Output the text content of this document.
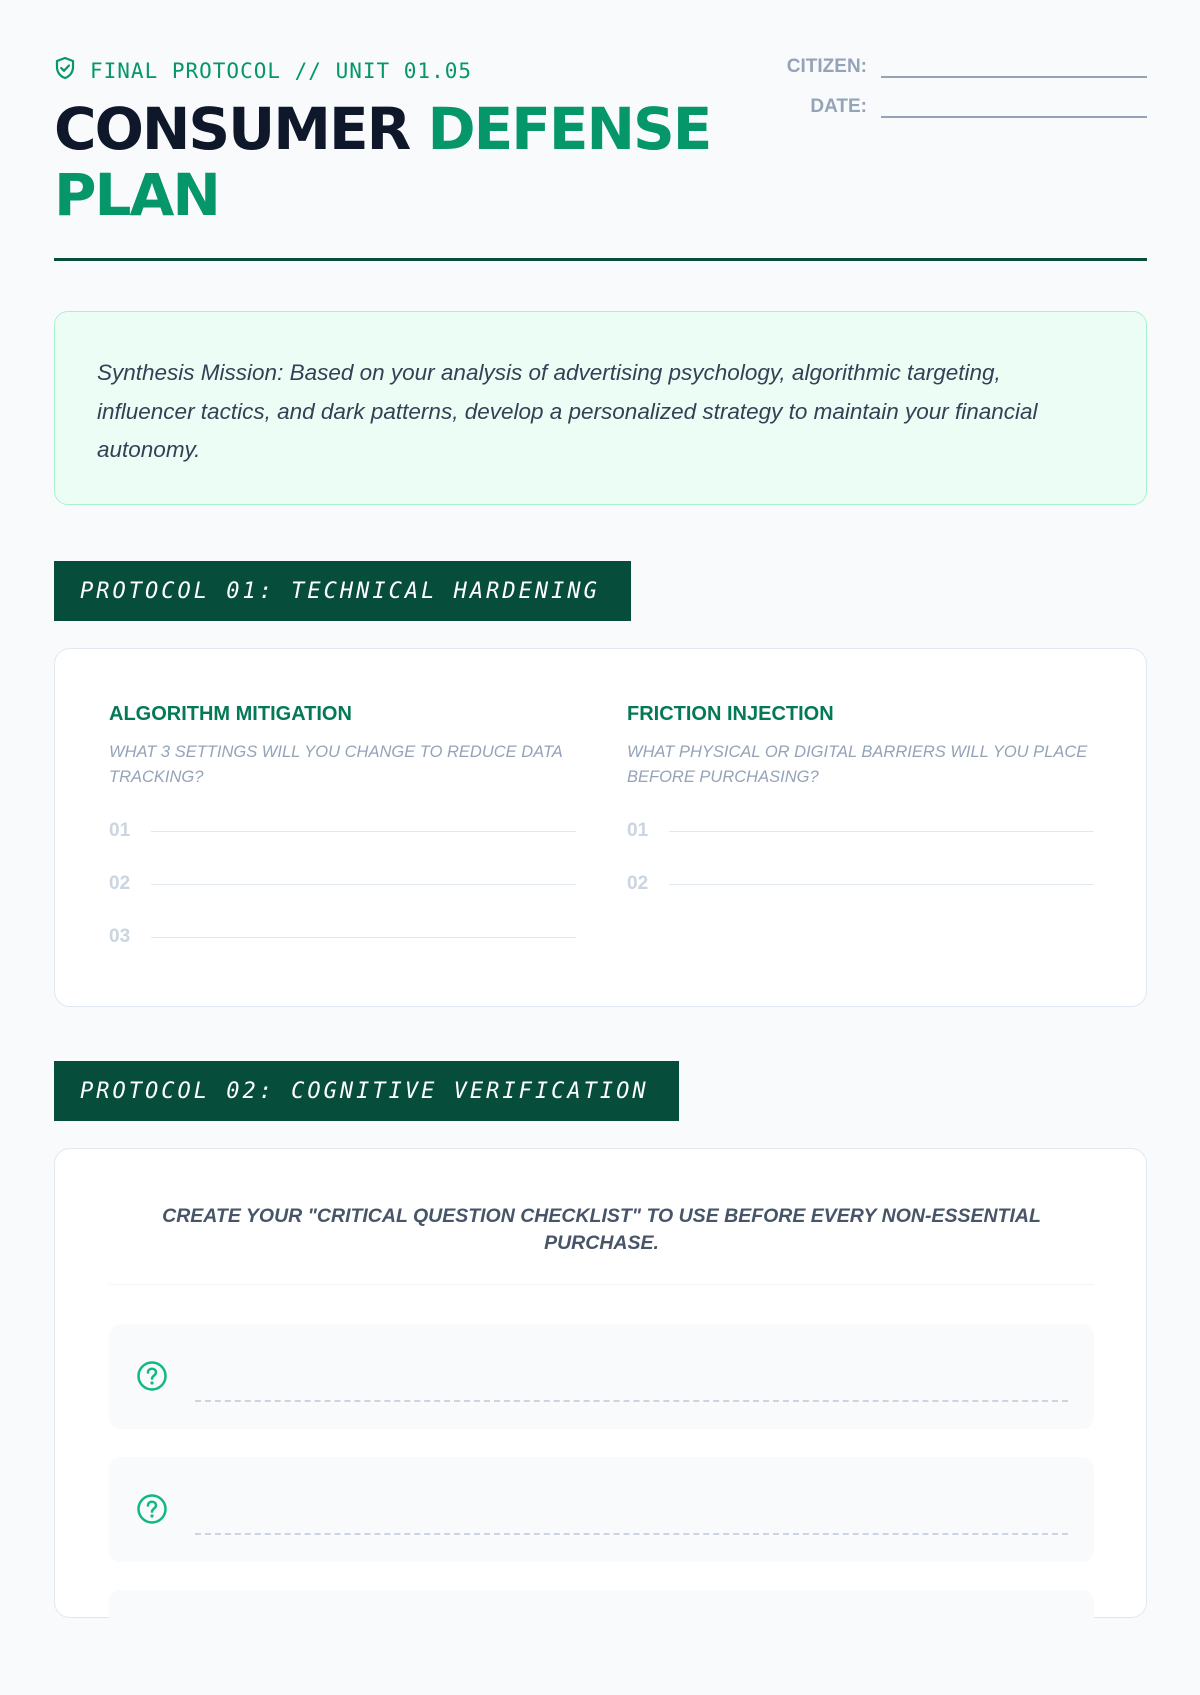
FINAL PROTOCOL // UNIT 01.05
CONSUMER DEFENSE PLAN
CITIZEN:
DATE:
Synthesis Mission: Based on your analysis of advertising psychology, algorithmic targeting, influencer tactics, and dark patterns, develop a personalized strategy to maintain your financial autonomy.
PROTOCOL 01: TECHNICAL HARDENING
ALGORITHM MITIGATION
WHAT 3 SETTINGS WILL YOU CHANGE TO REDUCE DATA TRACKING?
01
02
03
FRICTION INJECTION
WHAT PHYSICAL OR DIGITAL BARRIERS WILL YOU PLACE BEFORE PURCHASING?
01
02
PROTOCOL 02: COGNITIVE VERIFICATION
CREATE YOUR "CRITICAL QUESTION CHECKLIST" TO USE BEFORE EVERY NON-ESSENTIAL PURCHASE.
